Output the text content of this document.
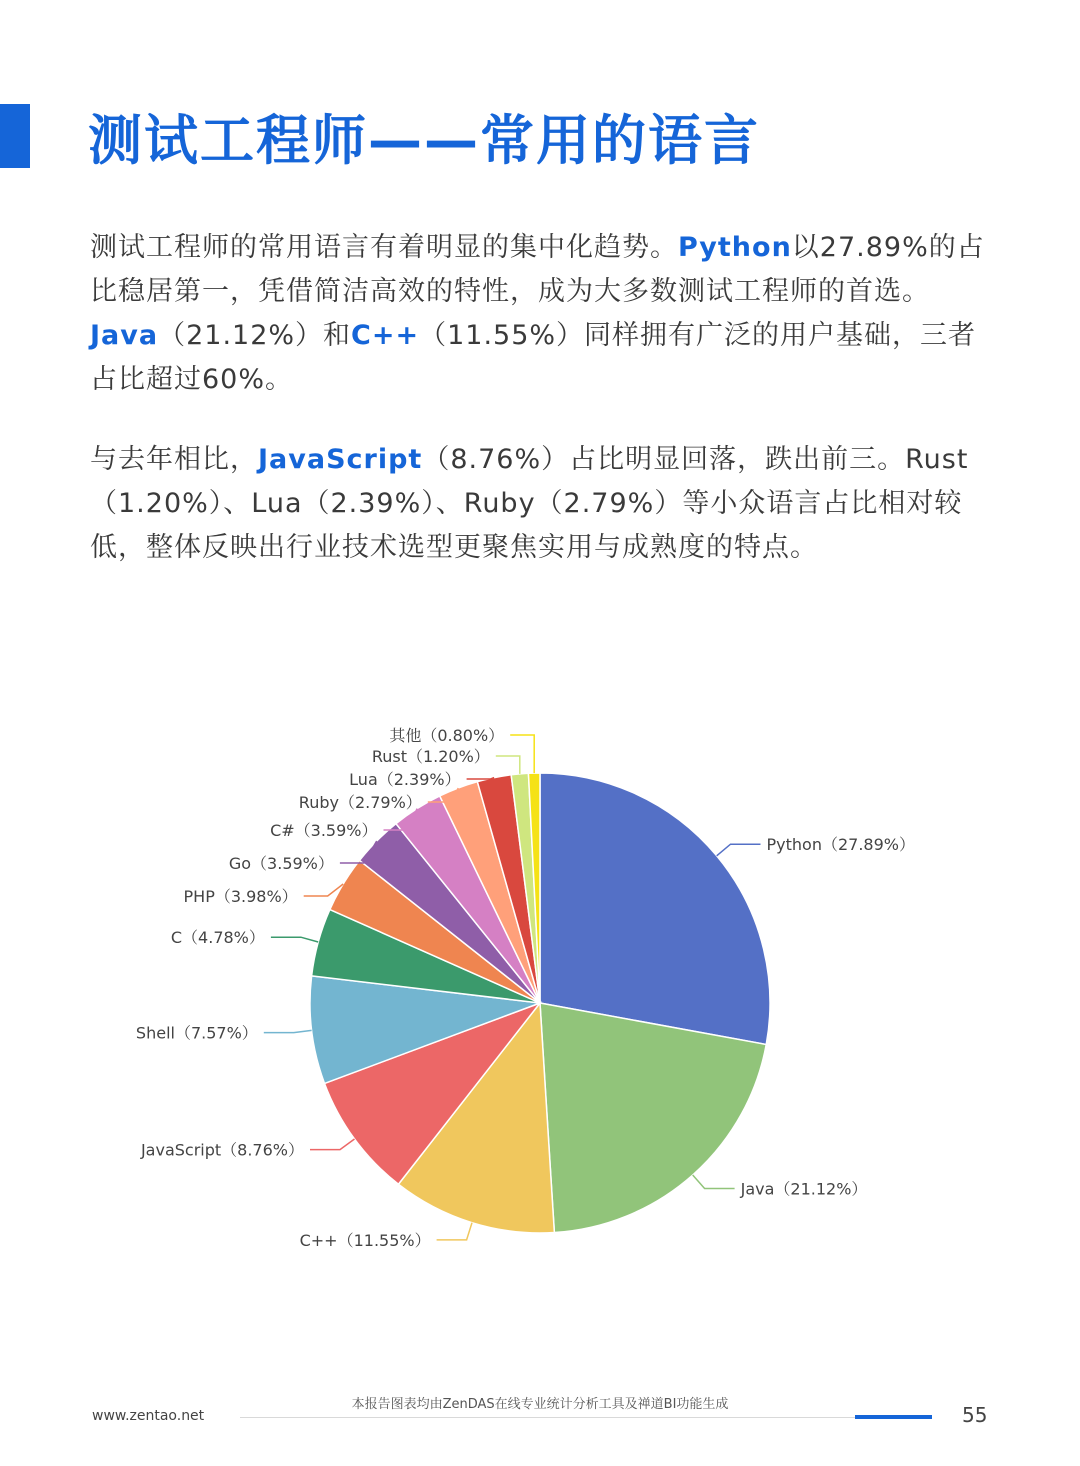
测试工程师——常用的语言

测试工程师的常用语言有着明显的集中化趋势。Python以27.89%的占比稳居第一，凭借简洁高效的特性，成为大多数测试工程师的首选。Java（21.12%）和C++（11.55%）同样拥有广泛的用户基础，三者占比超过60%。

与去年相比，JavaScript（8.76%）占比明显回落，跌出前三。Rust（1.20%）、Lua（2.39%）、Ruby（2.79%）等小众语言占比相对较低，整体反映出行业技术选型更聚焦实用与成熟度的特点。

Python（27.89%）
Java（21.12%）
C++（11.55%）
JavaScript（8.76%）
Shell（7.57%）
C（4.78%）
PHP（3.98%）
Go（3.59%）
C#（3.59%）
Ruby（2.79%）
Lua（2.39%）
Rust（1.20%）
其他（0.80%）
本报告图表均由ZenDAS在线专业统计分析工具及禅道BI功能生成
www.zentao.net	55
